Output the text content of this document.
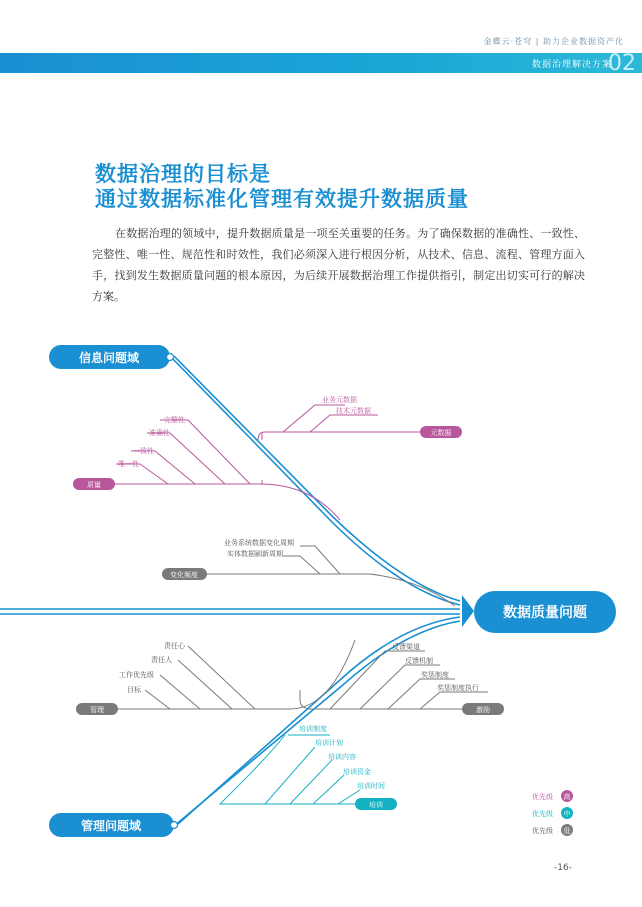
金蝶云·苍穹 | 助力企业数据资产化
数据治理解决方案
02
数据治理的目标是
通过数据标准化管理有效提升数据质量
在数据治理的领域中，提升数据质量是一项至关重要的任务。为了确保数据的准确性、一致性、完整性、唯一性、规范性和时效性，我们必须深入进行根因分析，从技术、信息、流程、管理方面入手，找到发生数据质量问题的根本原因，为后续开展数据治理工作提供指引，制定出切实可行的解决方案。
数据质量问题
信息问题域
管理问题域
元数据
业务元数据
技术元数据
质量
完整性
准确性
一致性
唯一性
变化频度
业务系统数据变化周期
实体数据刷新周期
管理
责任心
责任人
工作优先级
目标
激励
反馈渠道
反馈机制
奖惩制度
奖惩制度执行
培训
培训制度
培训计划
培训内容
培训资金
培训时间
优先级 高
优先级 中
优先级 低
-16-
